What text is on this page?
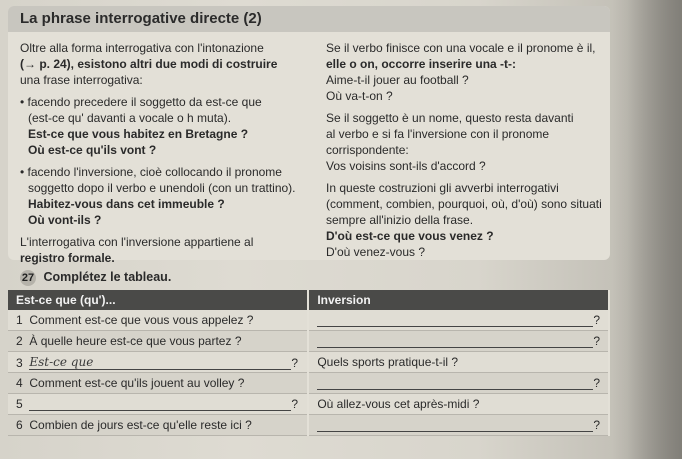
La phrase interrogative directe (2)

Oltre alla forma interrogativa con l'intonazione

(→ p. 24), esistono altri due modi di costruire

una frase interrogativa:

• facendo precedere il soggetto da est-ce que

(est-ce qu' davanti a vocale o h muta).

Est-ce que vous habitez en Bretagne ?

Où est-ce qu'ils vont ?

• facendo l'inversione, cioè collocando il pronome

soggetto dopo il verbo e unendoli (con un trattino).

Habitez-vous dans cet immeuble ?

Où vont-ils ?

L'interrogativa con l'inversione appartiene al

registro formale.

Se il verbo finisce con una vocale e il pronome è il,

elle o on, occorre inserire una -t-:

Aime-t-il jouer au football ?

Où va-t-on ?

Se il soggetto è un nome, questo resta davanti

al verbo e si fa l'inversione con il pronome

corrispondente:

Vos voisins sont-ils d'accord ?

In queste costruzioni gli avverbi interrogativi

(comment, combien, pourquoi, où, d'où) sono situati

sempre all'inizio della frase.

D'où est-ce que vous venez ?

D'où venez-vous ?

27 Complétez le tableau.
Est-ce que (qu')...	Inversion
1 Comment est-ce que vous vous appelez ?	?
2 À quelle heure est-ce que vous partez ?	?
3 Est-ce que ?	Quels sports pratique-t-il ?
4 Comment est-ce qu'ils jouent au volley ?	?
5 ?	Où allez-vous cet après-midi ?
6 Combien de jours est-ce qu'elle reste ici ?	?
